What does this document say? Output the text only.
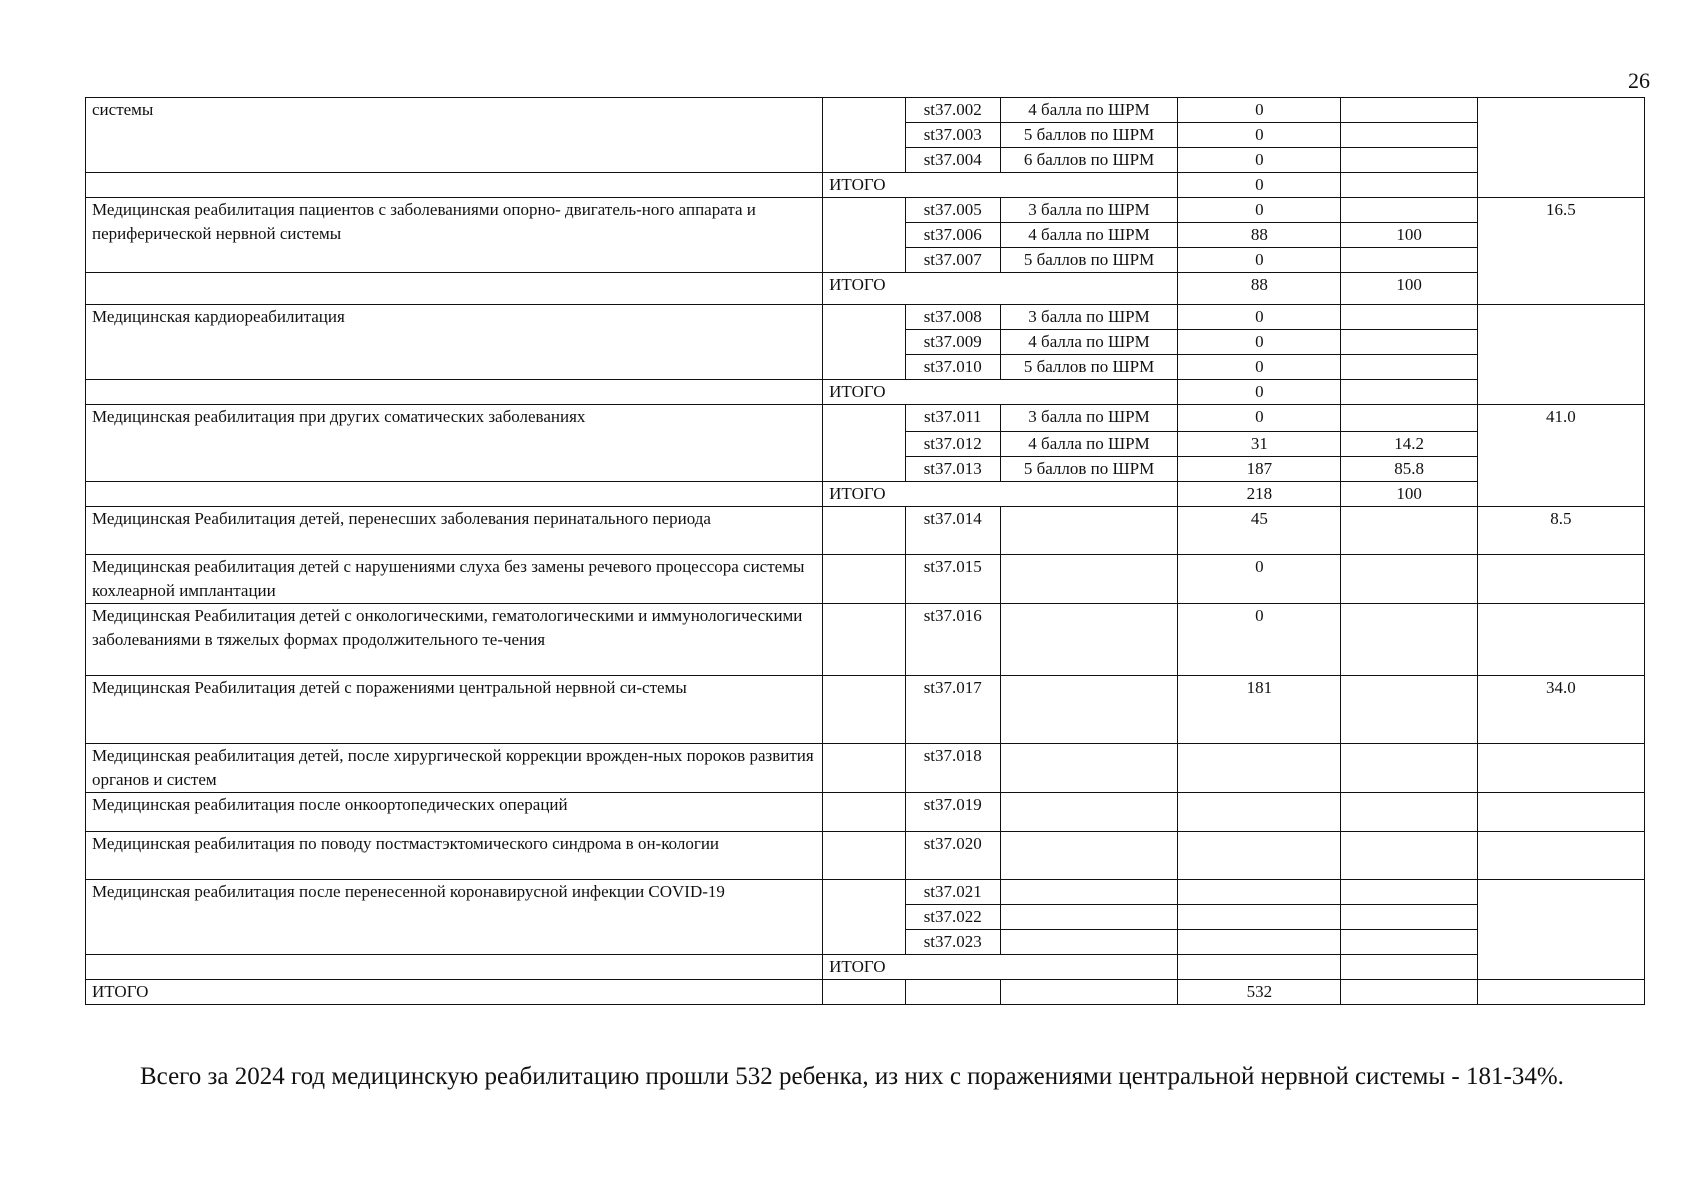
26
системы		st37.002	4 балла по ШРМ	0		
		st37.003	5 баллов по ШРМ	0		
		st37.004	6 баллов по ШРМ	0		
	ИТОГО			0		
Медицинская реабилитация пациентов с заболеваниями опорно- двигатель-ного аппарата и периферической нервной системы		st37.005	3 балла по ШРМ	0		16.5
		st37.006	4 балла по ШРМ	88	100	
		st37.007	5 баллов по ШРМ	0		
	ИТОГО			88	100	
Медицинская кардиореабилитация		st37.008	3 балла по ШРМ	0		
		st37.009	4 балла по ШРМ	0		
		st37.010	5 баллов по ШРМ	0		
	ИТОГО			0		
Медицинская реабилитация при других соматических заболеваниях		st37.011	3 балла по ШРМ	0		41.0
		st37.012	4 балла по ШРМ	31	14.2	
		st37.013	5 баллов по ШРМ	187	85.8	
	ИТОГО			218	100	
Медицинская Реабилитация детей, перенесших заболевания перинатального периода		st37.014		45		8.5
Медицинская реабилитация детей с нарушениями слуха без замены речевого процессора системы кохлеарной имплантации		st37.015		0		
Медицинская Реабилитация детей с онкологическими, гематологическими и иммунологическими заболеваниями в тяжелых формах продолжительного те-чения		st37.016		0		
Медицинская Реабилитация детей с поражениями центральной нервной си-стемы		st37.017		181		34.0
Медицинская реабилитация детей, после хирургической коррекции врожден-ных пороков развития органов и систем		st37.018				
Медицинская реабилитация после онкоортопедических операций		st37.019				
Медицинская реабилитация по поводу постмастэктомического синдрома в он-кологии		st37.020				
Медицинская реабилитация после перенесенной коронавирусной инфекции COVID-19		st37.021				
		st37.022				
		st37.023				
	ИТОГО					
ИТОГО				532		

Всего за 2024 год медицинскую реабилитацию прошли 532 ребенка, из них с поражениями центральной нервной системы - 181-34%.
